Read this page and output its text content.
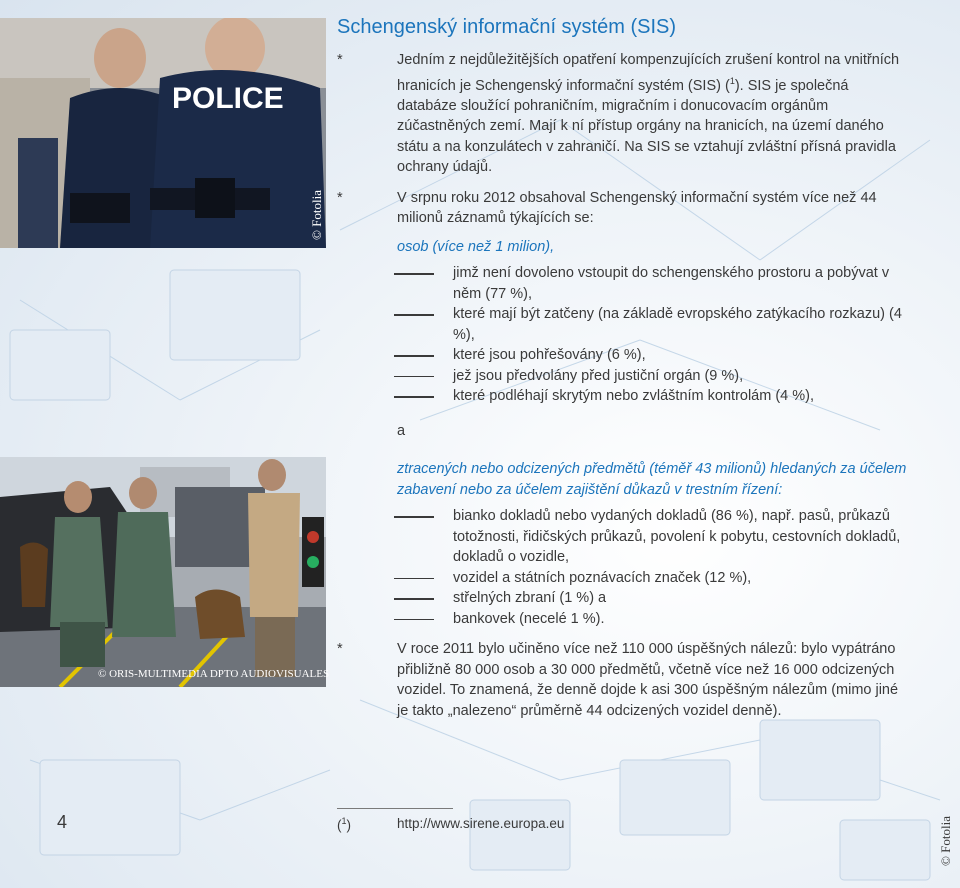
POLICE
© Fotolia
© ORIS-MULTIMEDIA DPTO AUDIOVISUALES
Schengenský informační systém (SIS)

*	Jedním z nejdůležitějších opatření kompenzujících zrušení kontrol na vnitřních hranicích je Schengenský informační systém (SIS) ($^1$). SIS je společná databáze sloužící pohraničním, migračním i donucovacím orgánům zúčastněných zemí. Mají k ní přístup orgány na hranicích, na území daného státu a na konzulátech v zahraničí. Na SIS se vztahují zvláštní přísná pravidla ochrany údajů.

*	V srpnu roku 2012 obsahoval Schengenský informační systém více než 44 milionů záznamů týkajících se:

osob (více než 1 milion),

jimž není dovoleno vstoupit do schengenského prostoru a pobývat v něm (77 %),
které mají být zatčeny (na základě evropského zatýkacího rozkazu) (4 %),
které jsou pohřešovány (6 %),
jež jsou předvolány před justiční orgán (9 %),
které podléhají skrytým nebo zvláštním kontrolám (4 %),

a

ztracených nebo odcizených předmětů (téměř 43 milionů) hledaných za účelem zabavení nebo za účelem zajištění důkazů v trestním řízení:

bianko dokladů nebo vydaných dokladů (86 %), např. pasů, průkazů totožnosti, řidičských průkazů, povolení k pobytu, cestovních dokladů, dokladů o vozidle,
vozidel a státních poznávacích značek (12 %),
střelných zbraní (1 %) a
bankovek (necelé 1 %).

*	V roce 2011 bylo učiněno více než 110 000 úspěšných nálezů: bylo vypátráno přibližně 80 000 osob a 30 000 předmětů, včetně více než 16 000 odcizených vozidel. To znamená, že denně dojde k asi 300 úspěšným nálezům (mimo jiné je takto „nalezeno“ průměrně 44 odcizených vozidel denně).

4	($^1$)	http://www.sirene.europa.eu	© Fotolia
